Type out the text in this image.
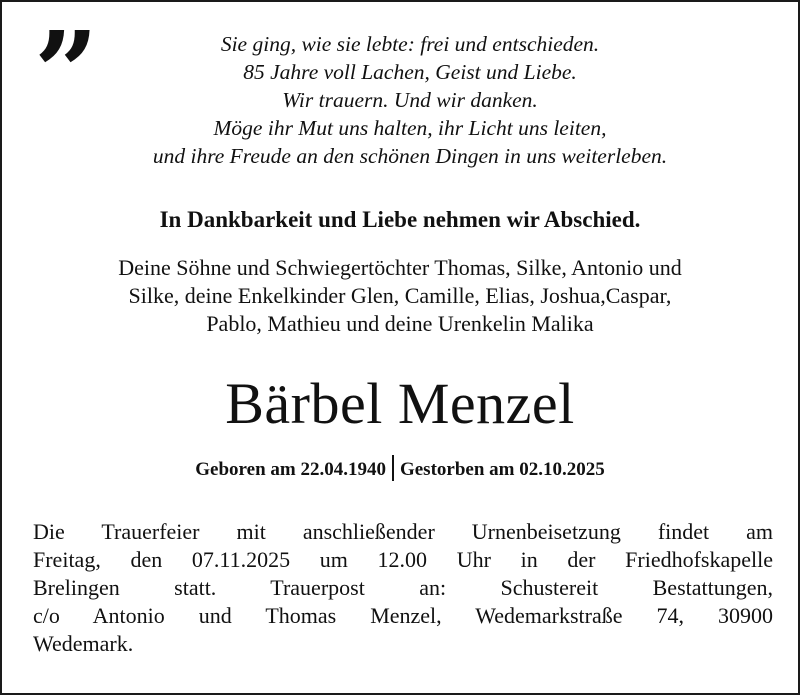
”	Sie ging, wie sie lebte: frei und entschieden.
85 Jahre voll Lachen, Geist und Liebe.
Wir trauern. Und wir danken.
Möge ihr Mut uns halten, ihr Licht uns leiten,
und ihre Freude an den schönen Dingen in uns weiterleben.
In Dankbarkeit und Liebe nehmen wir Abschied.
Deine Söhne und Schwiegertöchter Thomas, Silke, Antonio und
Silke, deine Enkelkinder Glen, Camille, Elias, Joshua,Caspar,
Pablo, Mathieu und deine Urenkelin Malika
Bärbel Menzel
Geboren am 22.04.1940 Gestorben am 02.10.2025
Die Trauerfeier mit anschließender Urnenbeisetzung findet am
Freitag, den 07.11.2025 um 12.00 Uhr in der Friedhofskapelle
Brelingen statt. Trauerpost an: Schustereit Bestattungen,
c/o Antonio und Thomas Menzel, Wedemarkstraße 74, 30900
Wedemark.
